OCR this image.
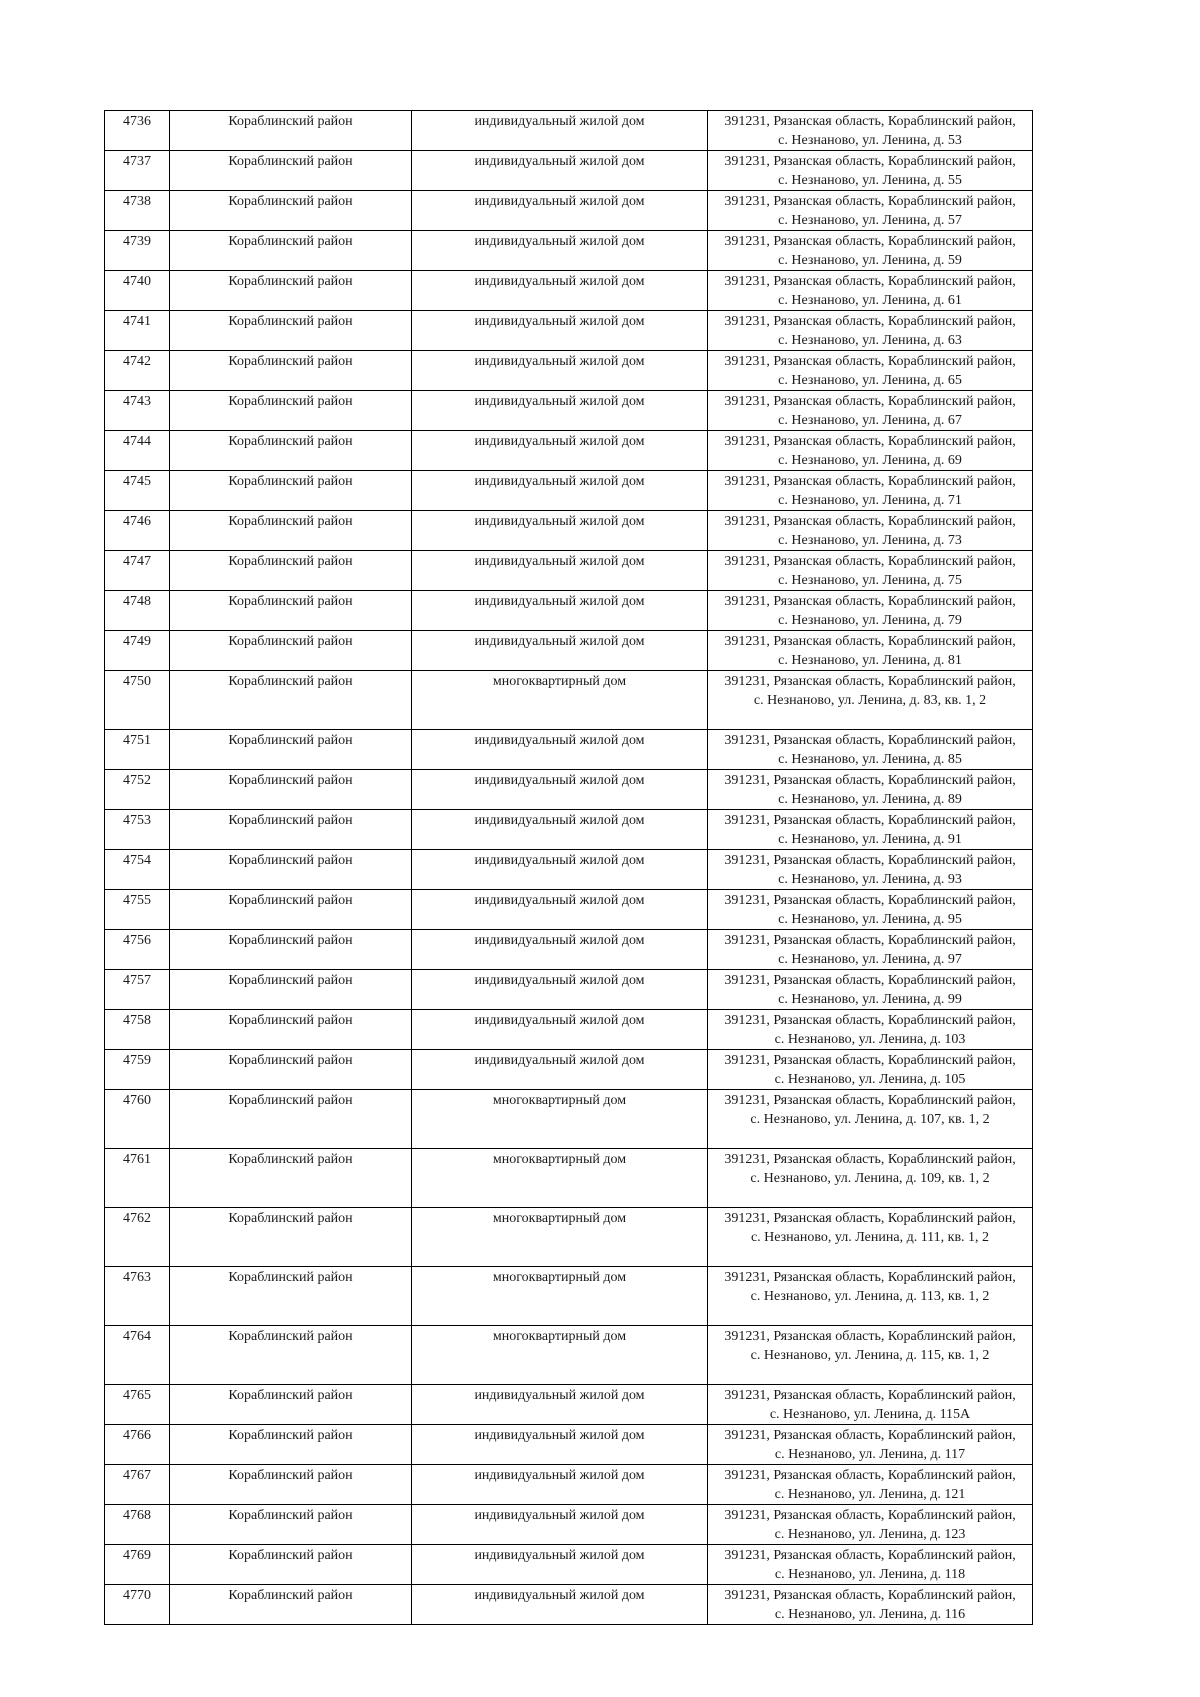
4736	Кораблинский район	индивидуальный жилой дом	391231, Рязанская область, Кораблинский район,
с. Незнаново, ул. Ленина, д. 53

4737	Кораблинский район	индивидуальный жилой дом	391231, Рязанская область, Кораблинский район,
с. Незнаново, ул. Ленина, д. 55

4738	Кораблинский район	индивидуальный жилой дом	391231, Рязанская область, Кораблинский район,
с. Незнаново, ул. Ленина, д. 57

4739	Кораблинский район	индивидуальный жилой дом	391231, Рязанская область, Кораблинский район,
с. Незнаново, ул. Ленина, д. 59

4740	Кораблинский район	индивидуальный жилой дом	391231, Рязанская область, Кораблинский район,
с. Незнаново, ул. Ленина, д. 61

4741	Кораблинский район	индивидуальный жилой дом	391231, Рязанская область, Кораблинский район,
с. Незнаново, ул. Ленина, д. 63

4742	Кораблинский район	индивидуальный жилой дом	391231, Рязанская область, Кораблинский район,
с. Незнаново, ул. Ленина, д. 65

4743	Кораблинский район	индивидуальный жилой дом	391231, Рязанская область, Кораблинский район,
с. Незнаново, ул. Ленина, д. 67

4744	Кораблинский район	индивидуальный жилой дом	391231, Рязанская область, Кораблинский район,
с. Незнаново, ул. Ленина, д. 69

4745	Кораблинский район	индивидуальный жилой дом	391231, Рязанская область, Кораблинский район,
с. Незнаново, ул. Ленина, д. 71

4746	Кораблинский район	индивидуальный жилой дом	391231, Рязанская область, Кораблинский район,
с. Незнаново, ул. Ленина, д. 73

4747	Кораблинский район	индивидуальный жилой дом	391231, Рязанская область, Кораблинский район,
с. Незнаново, ул. Ленина, д. 75

4748	Кораблинский район	индивидуальный жилой дом	391231, Рязанская область, Кораблинский район,
с. Незнаново, ул. Ленина, д. 79

4749	Кораблинский район	индивидуальный жилой дом	391231, Рязанская область, Кораблинский район,
с. Незнаново, ул. Ленина, д. 81

4750	Кораблинский район	многоквартирный дом	391231, Рязанская область, Кораблинский район,
с. Незнаново, ул. Ленина, д. 83, кв. 1, 2

4751	Кораблинский район	индивидуальный жилой дом	391231, Рязанская область, Кораблинский район,
с. Незнаново, ул. Ленина, д. 85

4752	Кораблинский район	индивидуальный жилой дом	391231, Рязанская область, Кораблинский район,
с. Незнаново, ул. Ленина, д. 89

4753	Кораблинский район	индивидуальный жилой дом	391231, Рязанская область, Кораблинский район,
с. Незнаново, ул. Ленина, д. 91

4754	Кораблинский район	индивидуальный жилой дом	391231, Рязанская область, Кораблинский район,
с. Незнаново, ул. Ленина, д. 93

4755	Кораблинский район	индивидуальный жилой дом	391231, Рязанская область, Кораблинский район,
с. Незнаново, ул. Ленина, д. 95

4756	Кораблинский район	индивидуальный жилой дом	391231, Рязанская область, Кораблинский район,
с. Незнаново, ул. Ленина, д. 97

4757	Кораблинский район	индивидуальный жилой дом	391231, Рязанская область, Кораблинский район,
с. Незнаново, ул. Ленина, д. 99

4758	Кораблинский район	индивидуальный жилой дом	391231, Рязанская область, Кораблинский район,
с. Незнаново, ул. Ленина, д. 103

4759	Кораблинский район	индивидуальный жилой дом	391231, Рязанская область, Кораблинский район,
с. Незнаново, ул. Ленина, д. 105

4760	Кораблинский район	многоквартирный дом	391231, Рязанская область, Кораблинский район,
с. Незнаново, ул. Ленина, д. 107, кв. 1, 2

4761	Кораблинский район	многоквартирный дом	391231, Рязанская область, Кораблинский район,
с. Незнаново, ул. Ленина, д. 109, кв. 1, 2

4762	Кораблинский район	многоквартирный дом	391231, Рязанская область, Кораблинский район,
с. Незнаново, ул. Ленина, д. 111, кв. 1, 2

4763	Кораблинский район	многоквартирный дом	391231, Рязанская область, Кораблинский район,
с. Незнаново, ул. Ленина, д. 113, кв. 1, 2

4764	Кораблинский район	многоквартирный дом	391231, Рязанская область, Кораблинский район,
с. Незнаново, ул. Ленина, д. 115, кв. 1, 2

4765	Кораблинский район	индивидуальный жилой дом	391231, Рязанская область, Кораблинский район,
с. Незнаново, ул. Ленина, д. 115А

4766	Кораблинский район	индивидуальный жилой дом	391231, Рязанская область, Кораблинский район,
с. Незнаново, ул. Ленина, д. 117

4767	Кораблинский район	индивидуальный жилой дом	391231, Рязанская область, Кораблинский район,
с. Незнаново, ул. Ленина, д. 121

4768	Кораблинский район	индивидуальный жилой дом	391231, Рязанская область, Кораблинский район,
с. Незнаново, ул. Ленина, д. 123

4769	Кораблинский район	индивидуальный жилой дом	391231, Рязанская область, Кораблинский район,
с. Незнаново, ул. Ленина, д. 118

4770	Кораблинский район	индивидуальный жилой дом	391231, Рязанская область, Кораблинский район,
с. Незнаново, ул. Ленина, д. 116
